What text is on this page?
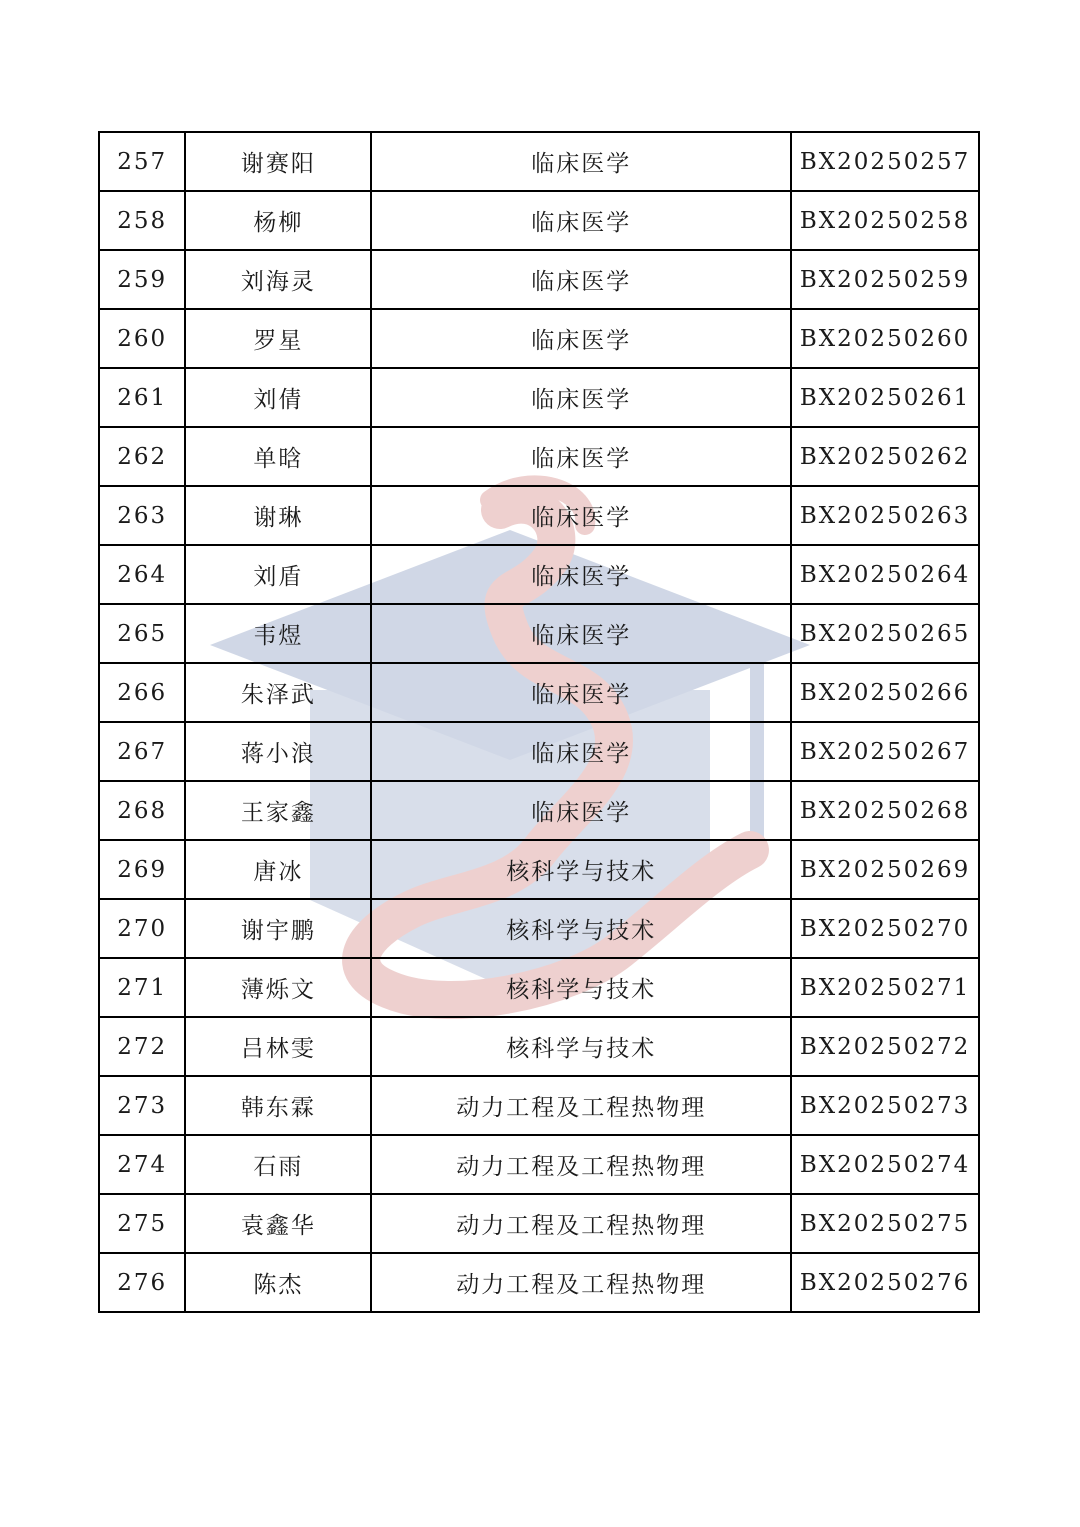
257	谢赛阳	临床医学	BX20250257
258	杨柳	临床医学	BX20250258
259	刘海灵	临床医学	BX20250259
260	罗星	临床医学	BX20250260
261	刘倩	临床医学	BX20250261
262	单晗	临床医学	BX20250262
263	谢琳	临床医学	BX20250263
264	刘盾	临床医学	BX20250264
265	韦煜	临床医学	BX20250265
266	朱泽武	临床医学	BX20250266
267	蒋小浪	临床医学	BX20250267
268	王家鑫	临床医学	BX20250268
269	唐冰	核科学与技术	BX20250269
270	谢宇鹏	核科学与技术	BX20250270
271	薄烁文	核科学与技术	BX20250271
272	吕林雯	核科学与技术	BX20250272
273	韩东霖	动力工程及工程热物理	BX20250273
274	石雨	动力工程及工程热物理	BX20250274
275	袁鑫华	动力工程及工程热物理	BX20250275
276	陈杰	动力工程及工程热物理	BX20250276
